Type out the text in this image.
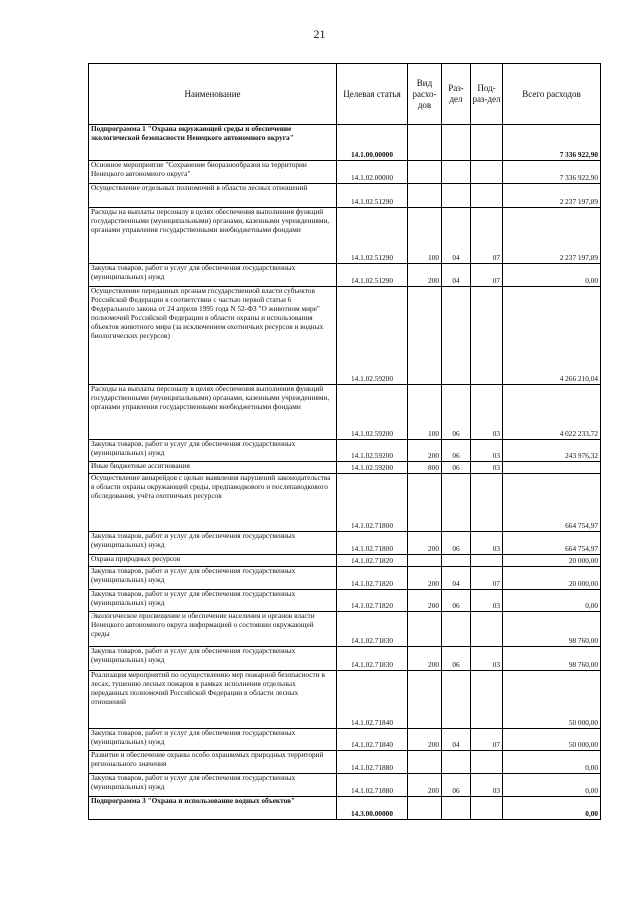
21
Наименование	Целевая статья	Вид расхо-дов	Раз-дел	Под-раз-дел	Всего расходов
Подпрограмма 1 "Охрана окружающей среды и обеспечение экологической безопасности Ненецкого автономного округа"	14.1.00.00000				7 336 922,90
Основное мероприятие "Сохранение биоразнообразия на территории Ненецкого автономного округа"	14.1.02.00000				7 336 922,90
Осуществление отдельных полномочий в области лесных отношений	14.1.02.51290				2 237 197,89
Расходы на выплаты персоналу в целях обеспечения выполнения функций государственными (муниципальными) органами, казенными учреждениями, органами управления государственными внебюджетными фондами	14.1.02.51290	100	04	07	2 237 197,89
Закупка товаров, работ и услуг для обеспечения государственных (муниципальных) нужд	14.1.02.51290	200	04	07	0,00
Осуществление переданных органам государственной власти субъектов Российской Федерации в соответствии с частью первой статьи 6 Федерального закона от 24 апреля 1995 года N 52-ФЗ "О животном мире" полномочий Российской Федерации в области охраны и использования объектов животного мира (за исключением охотничьих ресурсов и водных биологических ресурсов)	14.1.02.59200				4 266 210,04
Расходы на выплаты персоналу в целях обеспечения выполнения функций государственными (муниципальными) органами, казенными учреждениями, органами управления государственными внебюджетными фондами	14.1.02.59200	100	06	03	4 022 233,72
Закупка товаров, работ и услуг для обеспечения государственных (муниципальных) нужд	14.1.02.59200	200	06	03	243 976,32
Иные бюджетные ассигнования	14.1.02.59200	800	06	03	
Осуществление авиарейдов с целью выявления нарушений законодательства в области охраны окружающей среды, предпаводкового и послепаводкового обследования, учёта охотничьих ресурсов	14.1.02.71800				664 754,97
Закупка товаров, работ и услуг для обеспечения государственных (муниципальных) нужд	14.1.02.71800	200	06	03	664 754,97
Охрана природных ресурсов	14.1.02.71820				20 000,00
Закупка товаров, работ и услуг для обеспечения государственных (муниципальных) нужд	14.1.02.71820	200	04	07	20 000,00
Закупка товаров, работ и услуг для обеспечения государственных (муниципальных) нужд	14.1.02.71820	200	06	03	0,00
Экологическое просвещение и обеспечение населения и органов власти Ненецкого автономного округа информацией о состоянии окружающей среды	14.1.02.71830				98 760,00
Закупка товаров, работ и услуг для обеспечения государственных (муниципальных) нужд	14.1.02.71830	200	06	03	98 760,00
Реализация мероприятий по осуществлению мер пожарной безопасности в лесах, тушению лесных пожаров в рамках исполнения отдельных переданных полномочий Российской Федерации в области лесных отношений	14.1.02.71840				50 000,00
Закупка товаров, работ и услуг для обеспечения государственных (муниципальных) нужд	14.1.02.71840	200	04	07	50 000,00
Развитие и обеспечение охраны особо охраняемых природных территорий регионального значения	14.1.02.71880				0,00
Закупка товаров, работ и услуг для обеспечения государственных (муниципальных) нужд	14.1.02.71880	200	06	03	0,00
Подпрограмма 3 "Охрана и использование водных объектов"	14.3.00.00000				0,00
